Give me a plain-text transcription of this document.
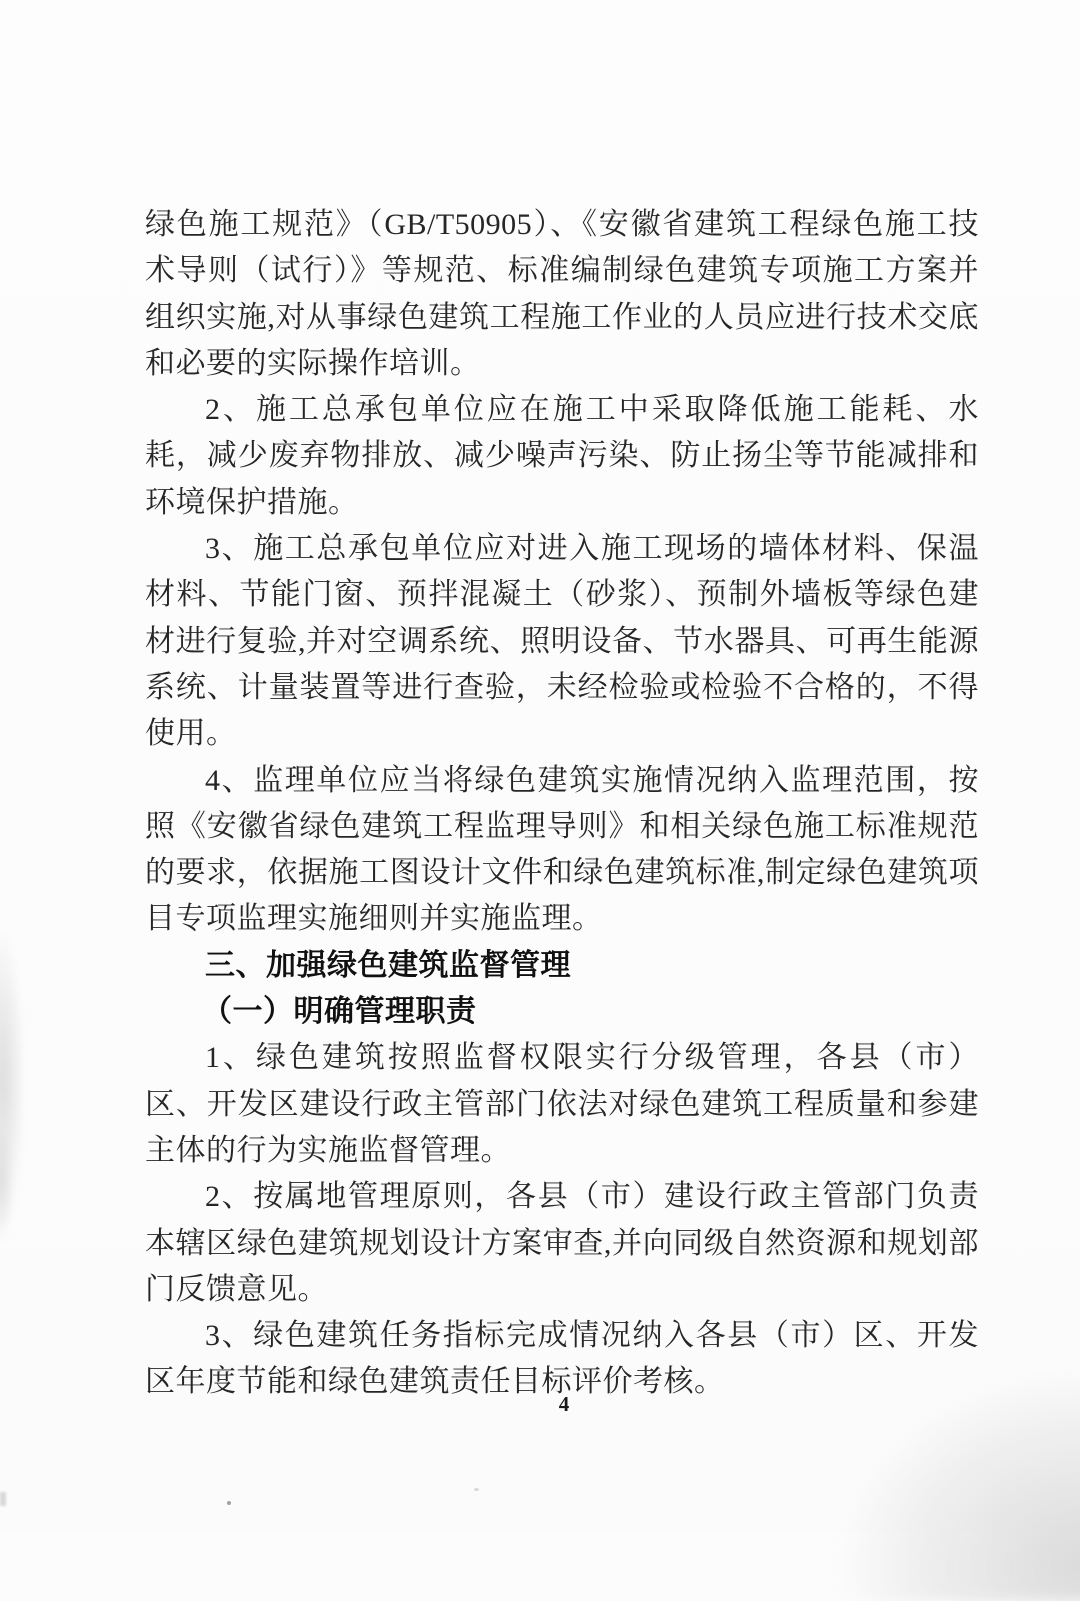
绿色施工规范》（GB/T50905）、《安徽省建筑工程绿色施工技术导则（试行）》等规范、标准编制绿色建筑专项施工方案并组织实施,对从事绿色建筑工程施工作业的人员应进行技术交底和必要的实际操作培训。

2、施工总承包单位应在施工中采取降低施工能耗、水耗，减少废弃物排放、减少噪声污染、防止扬尘等节能减排和环境保护措施。

3、施工总承包单位应对进入施工现场的墙体材料、保温材料、节能门窗、预拌混凝土（砂浆）、预制外墙板等绿色建材进行复验,并对空调系统、照明设备、节水器具、可再生能源系统、计量装置等进行查验，未经检验或检验不合格的，不得使用。

4、监理单位应当将绿色建筑实施情况纳入监理范围，按照《安徽省绿色建筑工程监理导则》和相关绿色施工标准规范的要求，依据施工图设计文件和绿色建筑标准,制定绿色建筑项目专项监理实施细则并实施监理。

三、加强绿色建筑监督管理

（一）明确管理职责

1、绿色建筑按照监督权限实行分级管理，各县（市）区、开发区建设行政主管部门依法对绿色建筑工程质量和参建主体的行为实施监督管理。

2、按属地管理原则，各县（市）建设行政主管部门负责本辖区绿色建筑规划设计方案审查,并向同级自然资源和规划部门反馈意见。

3、绿色建筑任务指标完成情况纳入各县（市）区、开发区年度节能和绿色建筑责任目标评价考核。

4
